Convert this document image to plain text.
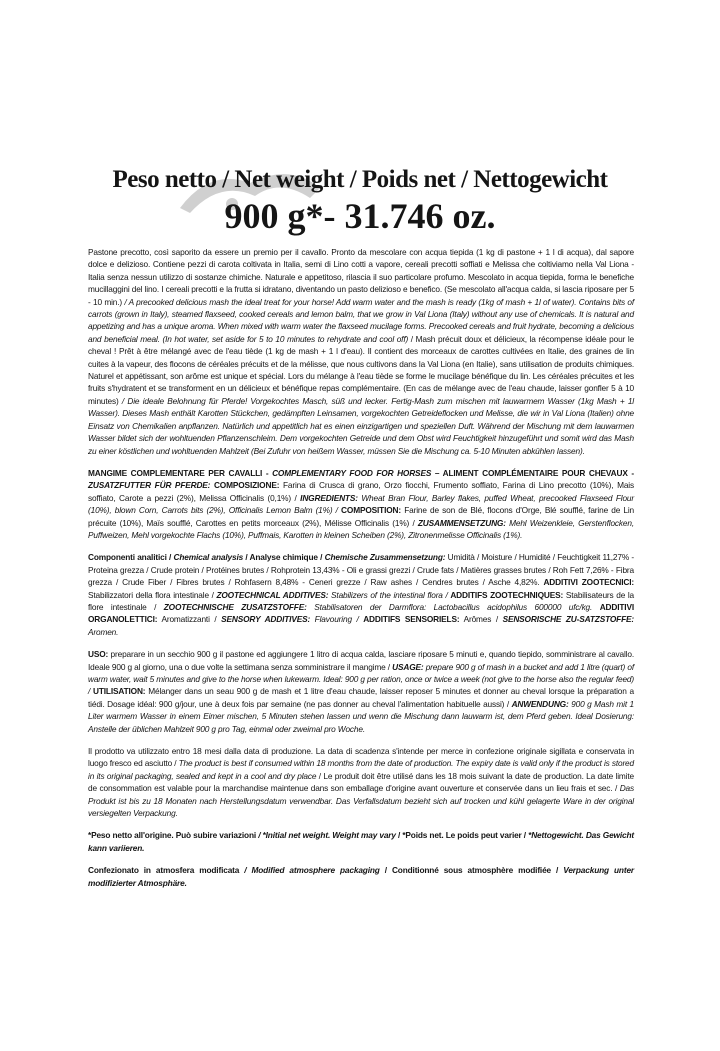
Peso netto / Net weight / Poids net / Nettogewicht

900 g*- 31.746 oz.

Pastone precotto, così saporito da essere un premio per il cavallo. Pronto da mescolare con acqua tiepida (1 kg di pastone + 1 l di acqua), dal sapore dolce e delizioso. Contiene pezzi di carota coltivata in Italia, semi di Lino cotti a vapore, cereali precotti soffiati e Melissa che coltiviamo nella Val Liona - Italia senza nessun utilizzo di sostanze chimiche. Naturale e appetitoso, rilascia il suo particolare profumo. Mescolato in acqua tiepida, forma le benefiche mucillaggini del lino. I cereali precotti e la frutta si idratano, diventando un pasto delizioso e benefico. (Se mescolato all'acqua calda, si lascia riposare per 5 - 10 min.) / A precooked delicious mash the ideal treat for your horse! Add warm water and the mash is ready (1kg of mash + 1l of water). Contains bits of carrots (grown in Italy), steamed flaxseed, cooked cereals and lemon balm, that we grow in Val Liona (Italy) without any use of chemicals. It is natural and appetizing and has a unique aroma. When mixed with warm water the flaxseed mucilage forms. Precooked cereals and fruit hydrate, becoming a delicious and beneficial meal. (In hot water, set aside for 5 to 10 minutes to rehydrate and cool off) / Mash précuit doux et délicieux, la récompense idéale pour le cheval ! Prêt à être mélangé avec de l'eau tiède (1 kg de mash + 1 l d'eau). Il contient des morceaux de carottes cultivées en Italie, des graines de lin cuites à la vapeur, des flocons de céréales précuits et de la mélisse, que nous cultivons dans la Val Liona (en Italie), sans utilisation de produits chimiques. Naturel et appétissant, son arôme est unique et spécial. Lors du mélange à l'eau tiède se forme le mucilage bénéfique du lin. Les céréales précuites et les fruits s'hydratent et se transforment en un délicieux et bénéfique repas complémentaire. (En cas de mélange avec de l'eau chaude, laisser gonfler 5 à 10 minutes) / Die ideale Belohnung für Pferde! Vorgekochtes Masch, süß und lecker. Fertig-Mash zum mischen mit lauwarmem Wasser (1kg Mash + 1l Wasser). Dieses Mash enthält Karotten Stückchen, gedämpften Leinsamen, vorgekochten Getreideflocken und Melisse, die wir in Val Liona (Italien) ohne Einsatz von Chemikalien anpflanzen. Natürlich und appetitlich hat es einen einzigartigen und speziellen Duft. Während der Mischung mit dem lauwarmen Wasser bildet sich der wohltuenden Pflanzenschleim. Dem vorgekochten Getreide und dem Obst wird Feuchtigkeit hinzugeführt und somit wird das Mash zu einer köstlichen und wohltuenden Mahlzeit (Bei Zufuhr von heißem Wasser, müssen Sie die Mischung ca. 5-10 Minuten abkühlen lassen).

MANGIME COMPLEMENTARE PER CAVALLI - COMPLEMENTARY FOOD FOR HORSES – ALIMENT COMPLÉMENTAIRE POUR CHEVAUX - ZUSATZFUTTER FÜR PFERDE: COMPOSIZIONE: Farina di Crusca di grano, Orzo fiocchi, Frumento soffiato, Farina di Lino precotto (10%), Mais soffiato, Carote a pezzi (2%), Melissa Officinalis (0,1%) / INGREDIENTS: Wheat Bran Flour, Barley flakes, puffed Wheat, precooked Flaxseed Flour (10%), blown Corn, Carrots bits (2%), Officinalis Lemon Balm (1%) / COMPOSITION: Farine de son de Blé, flocons d'Orge, Blé soufflé, farine de Lin précuite (10%), Maïs soufflé, Carottes en petits morceaux (2%), Mélisse Officinalis (1%) / ZUSAMMENSETZUNG: Mehl Weizenkleie, Gerstenflocken, Puffweizen, Mehl vorgekochte Flachs (10%), Puffmais, Karotten in kleinen Scheiben (2%), Zitronenmelisse Officinalis (1%).

Componenti analitici / Chemical analysis / Analyse chimique / Chemische Zusammensetzung: Umidità / Moisture / Humidité / Feuchtigkeit 11,27% - Proteina grezza / Crude protein / Protéines brutes / Rohprotein 13,43% - Oli e grassi grezzi / Crude fats / Matières grasses brutes / Roh Fett 7,26% - Fibra grezza / Crude Fiber / Fibres brutes / Rohfasern 8,48% - Ceneri grezze / Raw ashes / Cendres brutes / Asche 4,82%. ADDITIVI ZOOTECNICI: Stabilizzatori della flora intestinale / ZOOTECHNICAL ADDITIVES: Stabilizers of the intestinal flora / ADDITIFS ZOOTECHNIQUES: Stabilisateurs de la flore intestinale / ZOOTECHNISCHE ZUSATZSTOFFE: Stabilisatoren der Darmflora: Lactobacillus acidophilus 600000 ufc/kg. ADDITIVI ORGANOLETTICI: Aromatizzanti / SENSORY ADDITIVES: Flavouring / ADDITIFS SENSORIELS: Arômes / SENSORISCHE ZU-SATZSTOFFE: Aromen.

USO: preparare in un secchio 900 g il pastone ed aggiungere 1 litro di acqua calda, lasciare riposare 5 minuti e, quando tiepido, somministrare al cavallo. Ideale 900 g al giorno, una o due volte la settimana senza somministrare il mangime / USAGE: prepare 900 g of mash in a bucket and add 1 litre (quart) of warm water, wait 5 minutes and give to the horse when lukewarm. Ideal: 900 g per ration, once or twice a week (not give to the horse also the regular feed) / UTILISATION: Mélanger dans un seau 900 g de mash et 1 litre d'eau chaude, laisser reposer 5 minutes et donner au cheval lorsque la préparation a tiédi. Dosage idéal: 900 g/jour, une à deux fois par semaine (ne pas donner au cheval l'alimentation habituelle aussi) / ANWENDUNG: 900 g Mash mit 1 Liter warmem Wasser in einem Eimer mischen, 5 Minuten stehen lassen und wenn die Mischung dann lauwarm ist, dem Pferd geben. Ideal Dosierung: Anstelle der üblichen Mahlzeit 900 g pro Tag, einmal oder zweimal pro Woche.

Il prodotto va utilizzato entro 18 mesi dalla data di produzione. La data di scadenza s'intende per merce in confezione originale sigillata e conservata in luogo fresco ed asciutto / The product is best if consumed within 18 months from the date of production. The expiry date is valid only if the product is stored in its original packaging, sealed and kept in a cool and dry place / Le produit doit être utilisé dans les 18 mois suivant la date de production. La date limite de consommation est valable pour la marchandise maintenue dans son emballage d'origine avant ouverture et conservée dans un lieu frais et sec. / Das Produkt ist bis zu 18 Monaten nach Herstellungsdatum verwendbar. Das Verfallsdatum bezieht sich auf trocken und kühl gelagerte Ware in der original versiegelten Verpackung.

*Peso netto all'origine. Può subire variazioni / *Initial net weight. Weight may vary / *Poids net. Le poids peut varier / *Nettogewicht. Das Gewicht kann variieren.

Confezionato in atmosfera modificata / Modified atmosphere packaging / Conditionné sous atmosphère modifiée / Verpackung unter modifizierter Atmosphäre.
